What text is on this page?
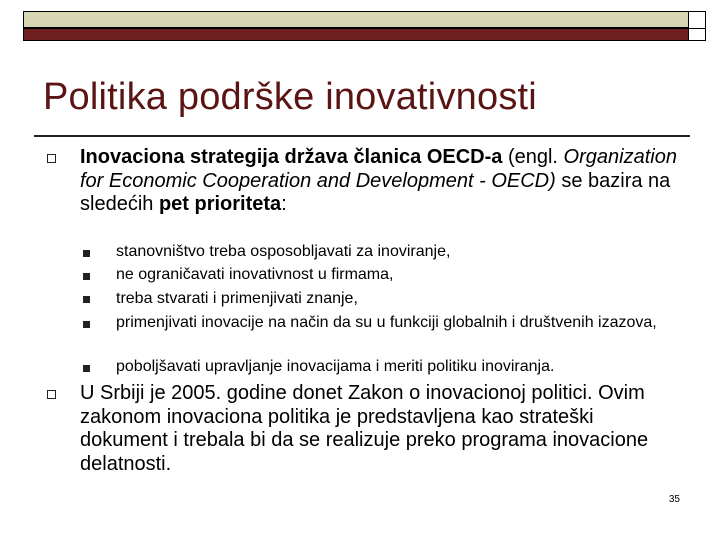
Politika podrške inovativnosti
Inovaciona strategija država članica OECD-a (engl. Organization for Economic Cooperation and Development - OECD) se bazira na sledećih pet prioriteta:
stanovništvo treba osposobljavati za inoviranje,
ne ograničavati inovativnost u firmama,
treba stvarati i primenjivati znanje,
primenjivati inovacije na način da su u funkciji globalnih i društvenih izazova,
poboljšavati upravljanje inovacijama i meriti politiku inoviranja.
U Srbiji je 2005. godine donet Zakon o inovacionoj politici. Ovim zakonom inovaciona politika je predstavljena kao strateški dokument i trebala bi da se realizuje preko programa inovacione delatnosti.
35
